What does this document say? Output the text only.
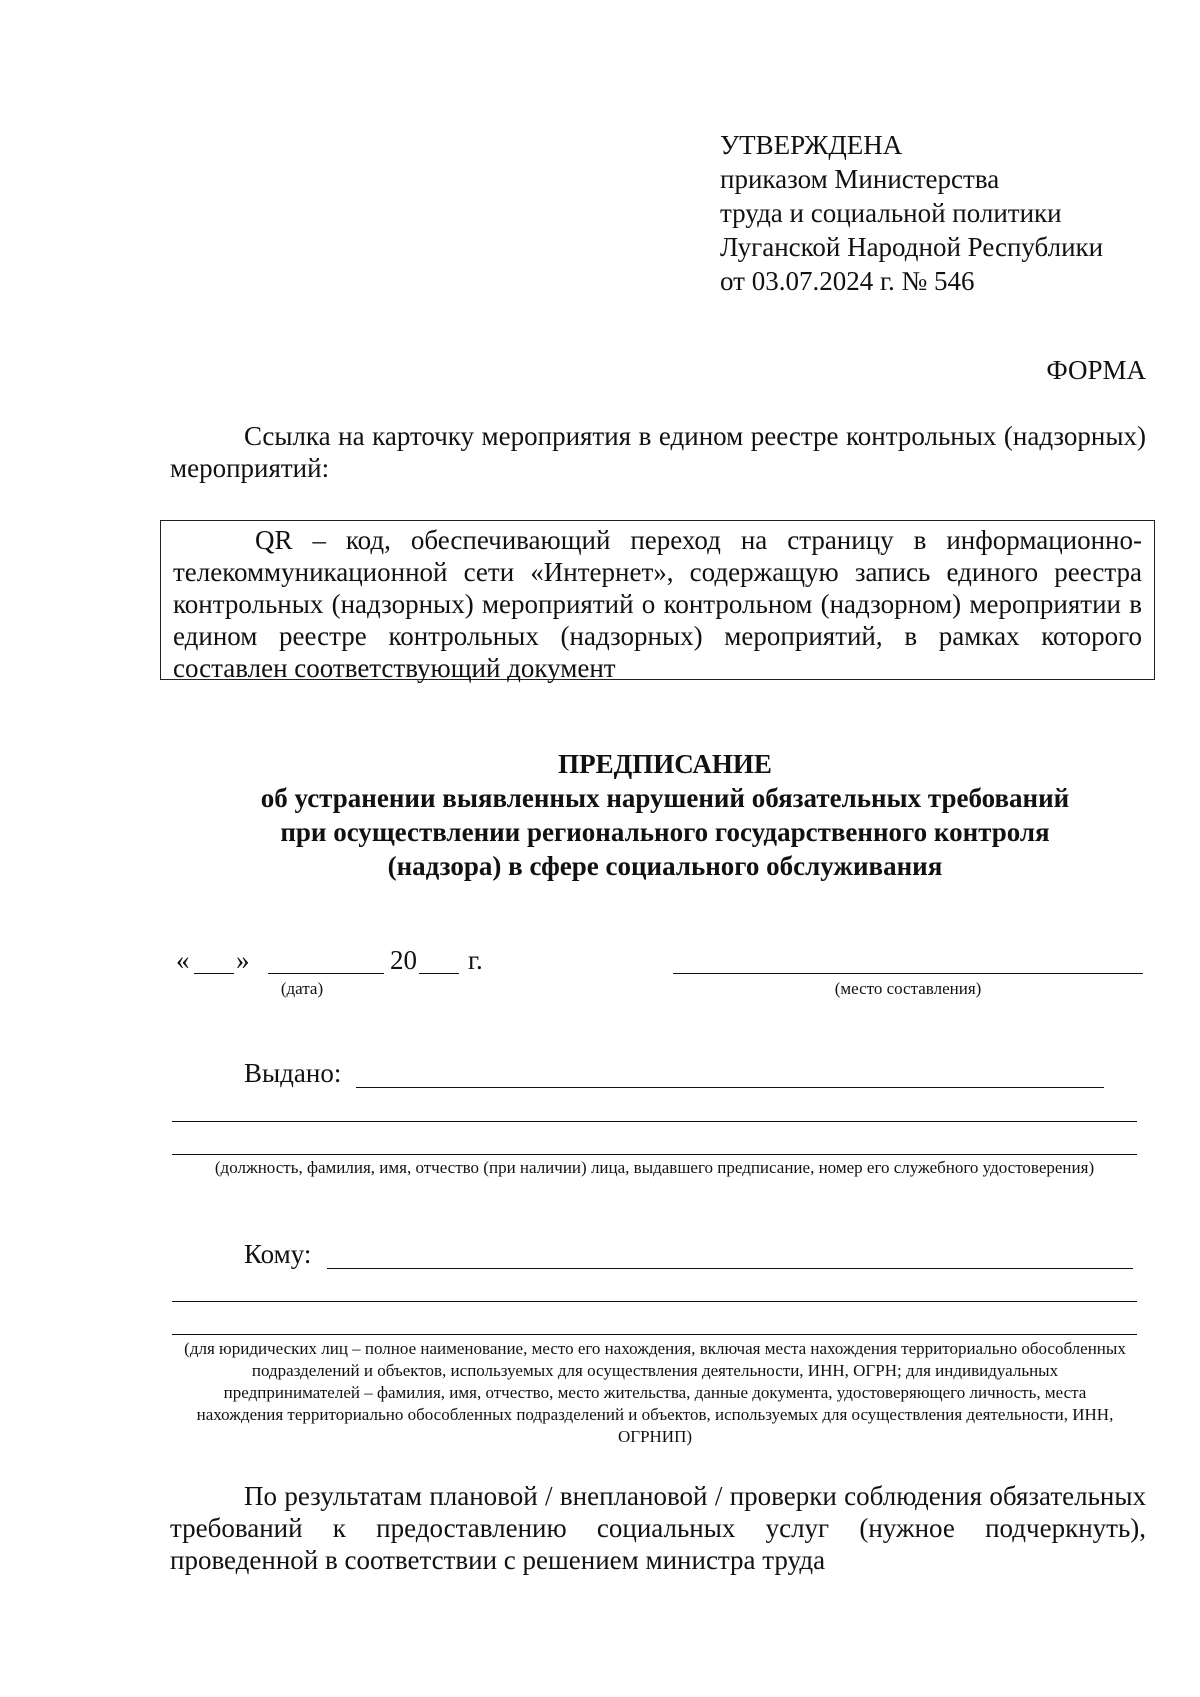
УТВЕРЖДЕНА
приказом Министерства
труда и социальной политики
Луганской Народной Республики
от 03.07.2024 г. № 546
ФОРМА
Ссылка на карточку мероприятия в едином реестре контрольных (надзорных) мероприятий:
QR – код, обеспечивающий переход на страницу в информационно-телекоммуникационной сети «Интернет», содержащую запись единого реестра контрольных (надзорных) мероприятий о контрольном (надзорном) мероприятии в едином реестре контрольных (надзорных) мероприятий, в рамках которого составлен соответствующий документ
ПРЕДПИСАНИЕ
об устранении выявленных нарушений обязательных требований
при осуществлении регионального государственного контроля
(надзора) в сфере социального обслуживания
« »	20 г.
(дата)	(место составления)
Выдано:
(должность, фамилия, имя, отчество (при наличии) лица, выдавшего предписание, номер его служебного удостоверения)
Кому:
(для юридических лиц – полное наименование, место его нахождения, включая места нахождения территориально обособленных подразделений и объектов, используемых для осуществления деятельности, ИНН, ОГРН; для индивидуальных предпринимателей – фамилия, имя, отчество, место жительства, данные документа, удостоверяющего личность, места нахождения территориально обособленных подразделений и объектов, используемых для осуществления деятельности, ИНН, ОГРНИП)
По результатам плановой / внеплановой / проверки соблюдения обязательных требований к предоставлению социальных услуг (нужное подчеркнуть), проведенной в соответствии с решением министра труда
